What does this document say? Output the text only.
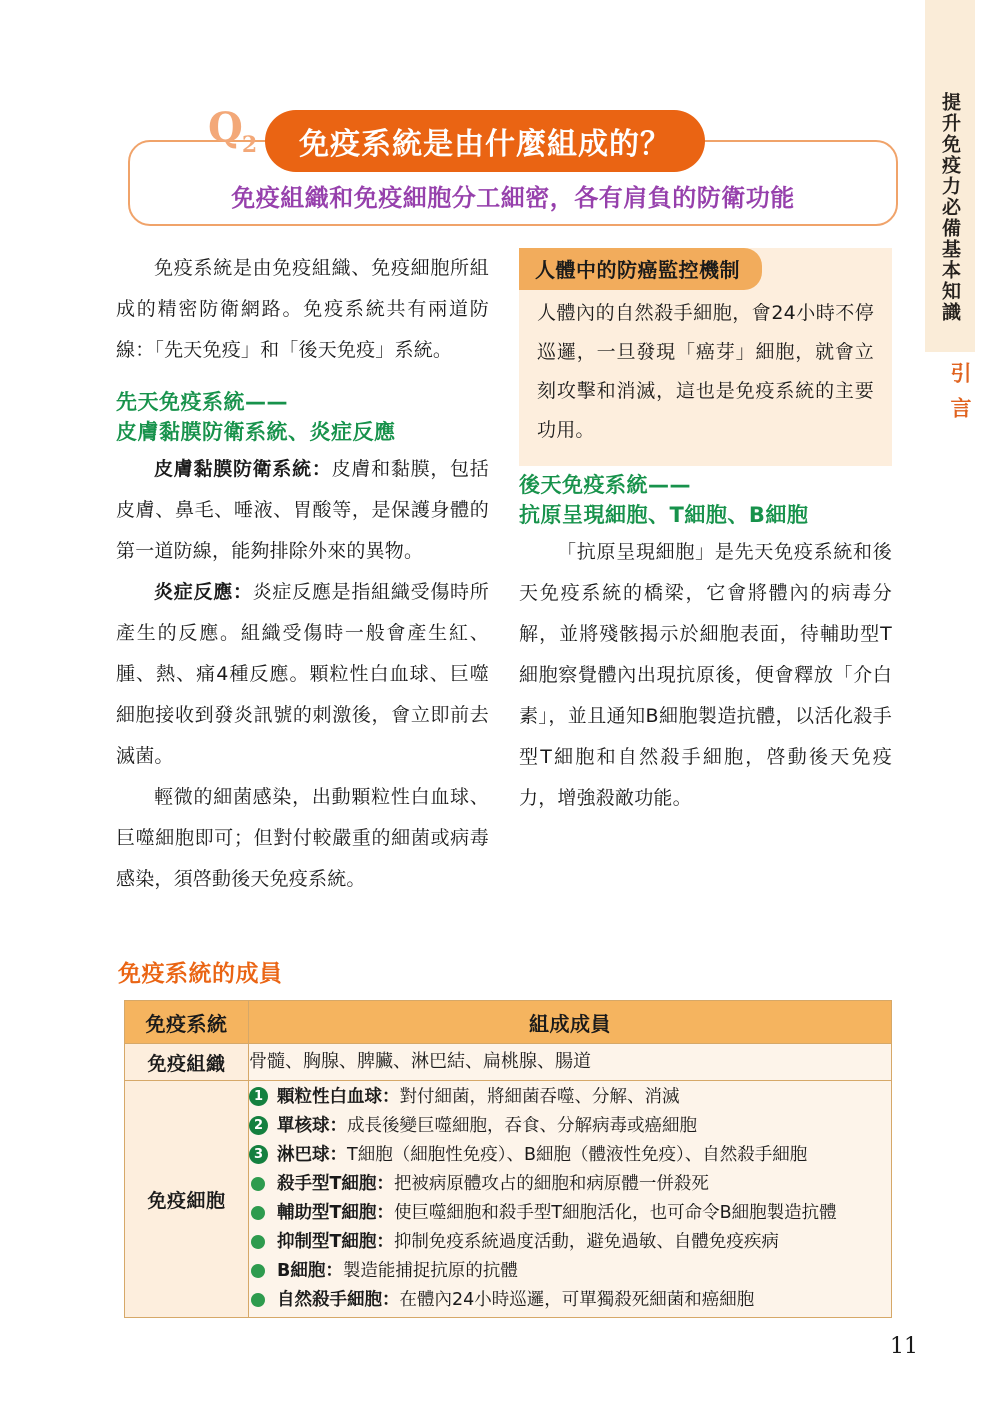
提升免疫力必備基本知識
引言
$Q_2$ 免疫系統是由什麼組成的？
免疫組織和免疫細胞分工細密，各有肩負的防衛功能

免疫系統是由免疫組織、免疫細胞所組成的精密防衛網路。免疫系統共有兩道防線：「先天免疫」和「後天免疫」系統。

先天免疫系統——
皮膚黏膜防衛系統、炎症反應

皮膚黏膜防衛系統：皮膚和黏膜，包括皮膚、鼻毛、唾液、胃酸等，是保護身體的第一道防線，能夠排除外來的異物。

炎症反應：炎症反應是指組織受傷時所產生的反應。組織受傷時一般會產生紅、腫、熱、痛4種反應。顆粒性白血球、巨噬細胞接收到發炎訊號的刺激後，會立即前去滅菌。

輕微的細菌感染，出動顆粒性白血球、巨噬細胞即可；但對付較嚴重的細菌或病毒感染，須啓動後天免疫系統。

人體中的防癌監控機制
人體內的自然殺手細胞，會24小時不停巡邏，一旦發現「癌芽」細胞，就會立刻攻擊和消滅，這也是免疫系統的主要功用。
後天免疫系統——
抗原呈現細胞、T細胞、B細胞

「抗原呈現細胞」是先天免疫系統和後天免疫系統的橋梁，它會將體內的病毒分解，並將殘骸揭示於細胞表面，待輔助型T細胞察覺體內出現抗原後，便會釋放「介白素」，並且通知B細胞製造抗體，以活化殺手型T細胞和自然殺手細胞，啓動後天免疫力，增強殺敵功能。

免疫系統的成員
免疫系統	組成成員
免疫組織	骨髓、胸腺、脾臟、淋巴結、扁桃腺、腸道
免疫細胞	
1 顆粒性白血球：對付細菌，將細菌吞噬、分解、消滅
2 單核球：成長後變巨噬細胞，吞食、分解病毒或癌細胞
3 淋巴球：T細胞（細胞性免疫）、B細胞（體液性免疫）、自然殺手細胞
殺手型T細胞：把被病原體攻占的細胞和病原體一併殺死
輔助型T細胞：使巨噬細胞和殺手型T細胞活化，也可命令B細胞製造抗體
抑制型T細胞：抑制免疫系統過度活動，避免過敏、自體免疫疾病
B細胞：製造能捕捉抗原的抗體
自然殺手細胞：在體內24小時巡邏，可單獨殺死細菌和癌細胞
11
